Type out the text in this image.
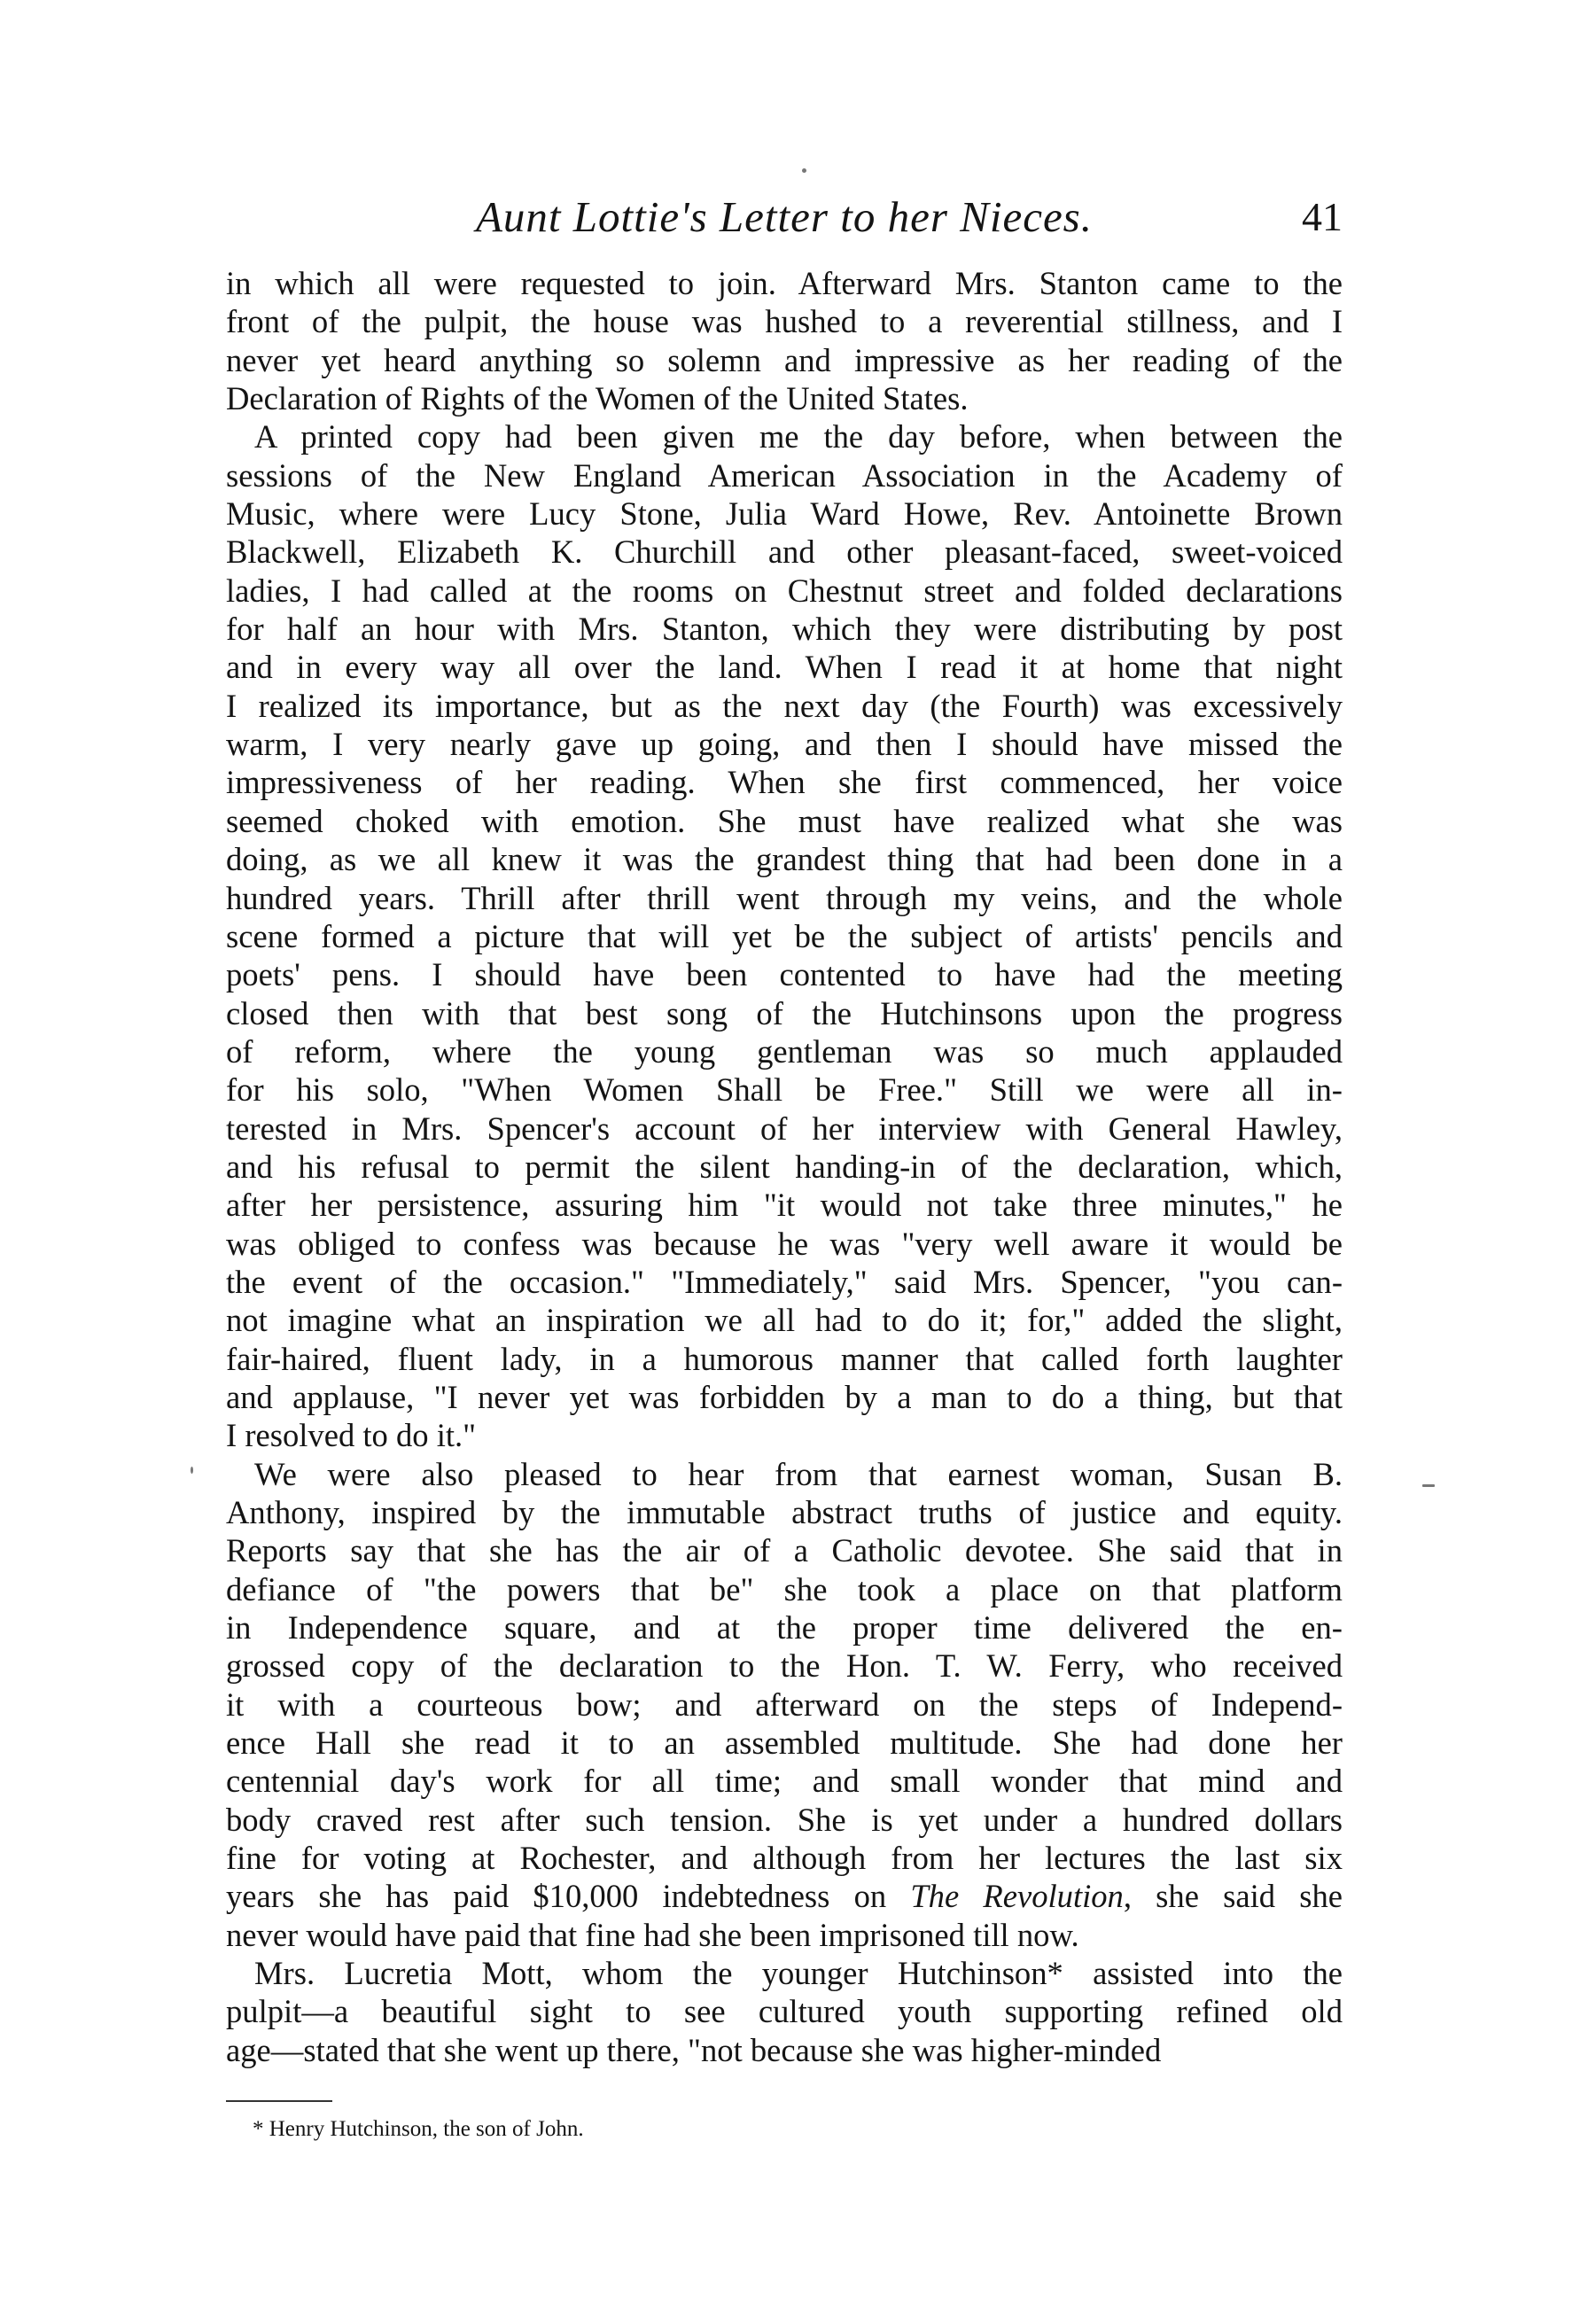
Aunt Lottie's Letter to her Nieces.	41

in which all were requested to join. Afterward Mrs. Stanton came to the
front of the pulpit, the house was hushed to a reverential stillness, and I
never yet heard anything so solemn and impressive as her reading of the
Declaration of Rights of the Women of the United States.

A printed copy had been given me the day before, when between the
sessions of the New England American Association in the Academy of
Music, where were Lucy Stone, Julia Ward Howe, Rev. Antoinette Brown
Blackwell, Elizabeth K. Churchill and other pleasant-faced, sweet-voiced
ladies, I had called at the rooms on Chestnut street and folded declarations
for half an hour with Mrs. Stanton, which they were distributing by post
and in every way all over the land. When I read it at home that night
I realized its importance, but as the next day (the Fourth) was excessively
warm, I very nearly gave up going, and then I should have missed the
impressiveness of her reading. When she first commenced, her voice
seemed choked with emotion. She must have realized what she was
doing, as we all knew it was the grandest thing that had been done in a
hundred years. Thrill after thrill went through my veins, and the whole
scene formed a picture that will yet be the subject of artists' pencils and
poets' pens. I should have been contented to have had the meeting
closed then with that best song of the Hutchinsons upon the progress
of reform, where the young gentleman was so much applauded
for his solo, "When Women Shall be Free." Still we were all in-
terested in Mrs. Spencer's account of her interview with General Hawley,
and his refusal to permit the silent handing-in of the declaration, which,
after her persistence, assuring him "it would not take three minutes," he
was obliged to confess was because he was "very well aware it would be
the event of the occasion." "Immediately," said Mrs. Spencer, "you can-
not imagine what an inspiration we all had to do it; for," added the slight,
fair-haired, fluent lady, in a humorous manner that called forth laughter
and applause, "I never yet was forbidden by a man to do a thing, but that
I resolved to do it."

We were also pleased to hear from that earnest woman, Susan B.
Anthony, inspired by the immutable abstract truths of justice and equity.
Reports say that she has the air of a Catholic devotee. She said that in
defiance of "the powers that be" she took a place on that platform
in Independence square, and at the proper time delivered the en-
grossed copy of the declaration to the Hon. T. W. Ferry, who received
it with a courteous bow; and afterward on the steps of Independ-
ence Hall she read it to an assembled multitude. She had done her
centennial day's work for all time; and small wonder that mind and
body craved rest after such tension. She is yet under a hundred dollars
fine for voting at Rochester, and although from her lectures the last six
years she has paid $10,000 indebtedness on The Revolution, she said she
never would have paid that fine had she been imprisoned till now.

Mrs. Lucretia Mott, whom the younger Hutchinson* assisted into the
pulpit—a beautiful sight to see cultured youth supporting refined old
age—stated that she went up there, "not because she was higher-minded

* Henry Hutchinson, the son of John.
